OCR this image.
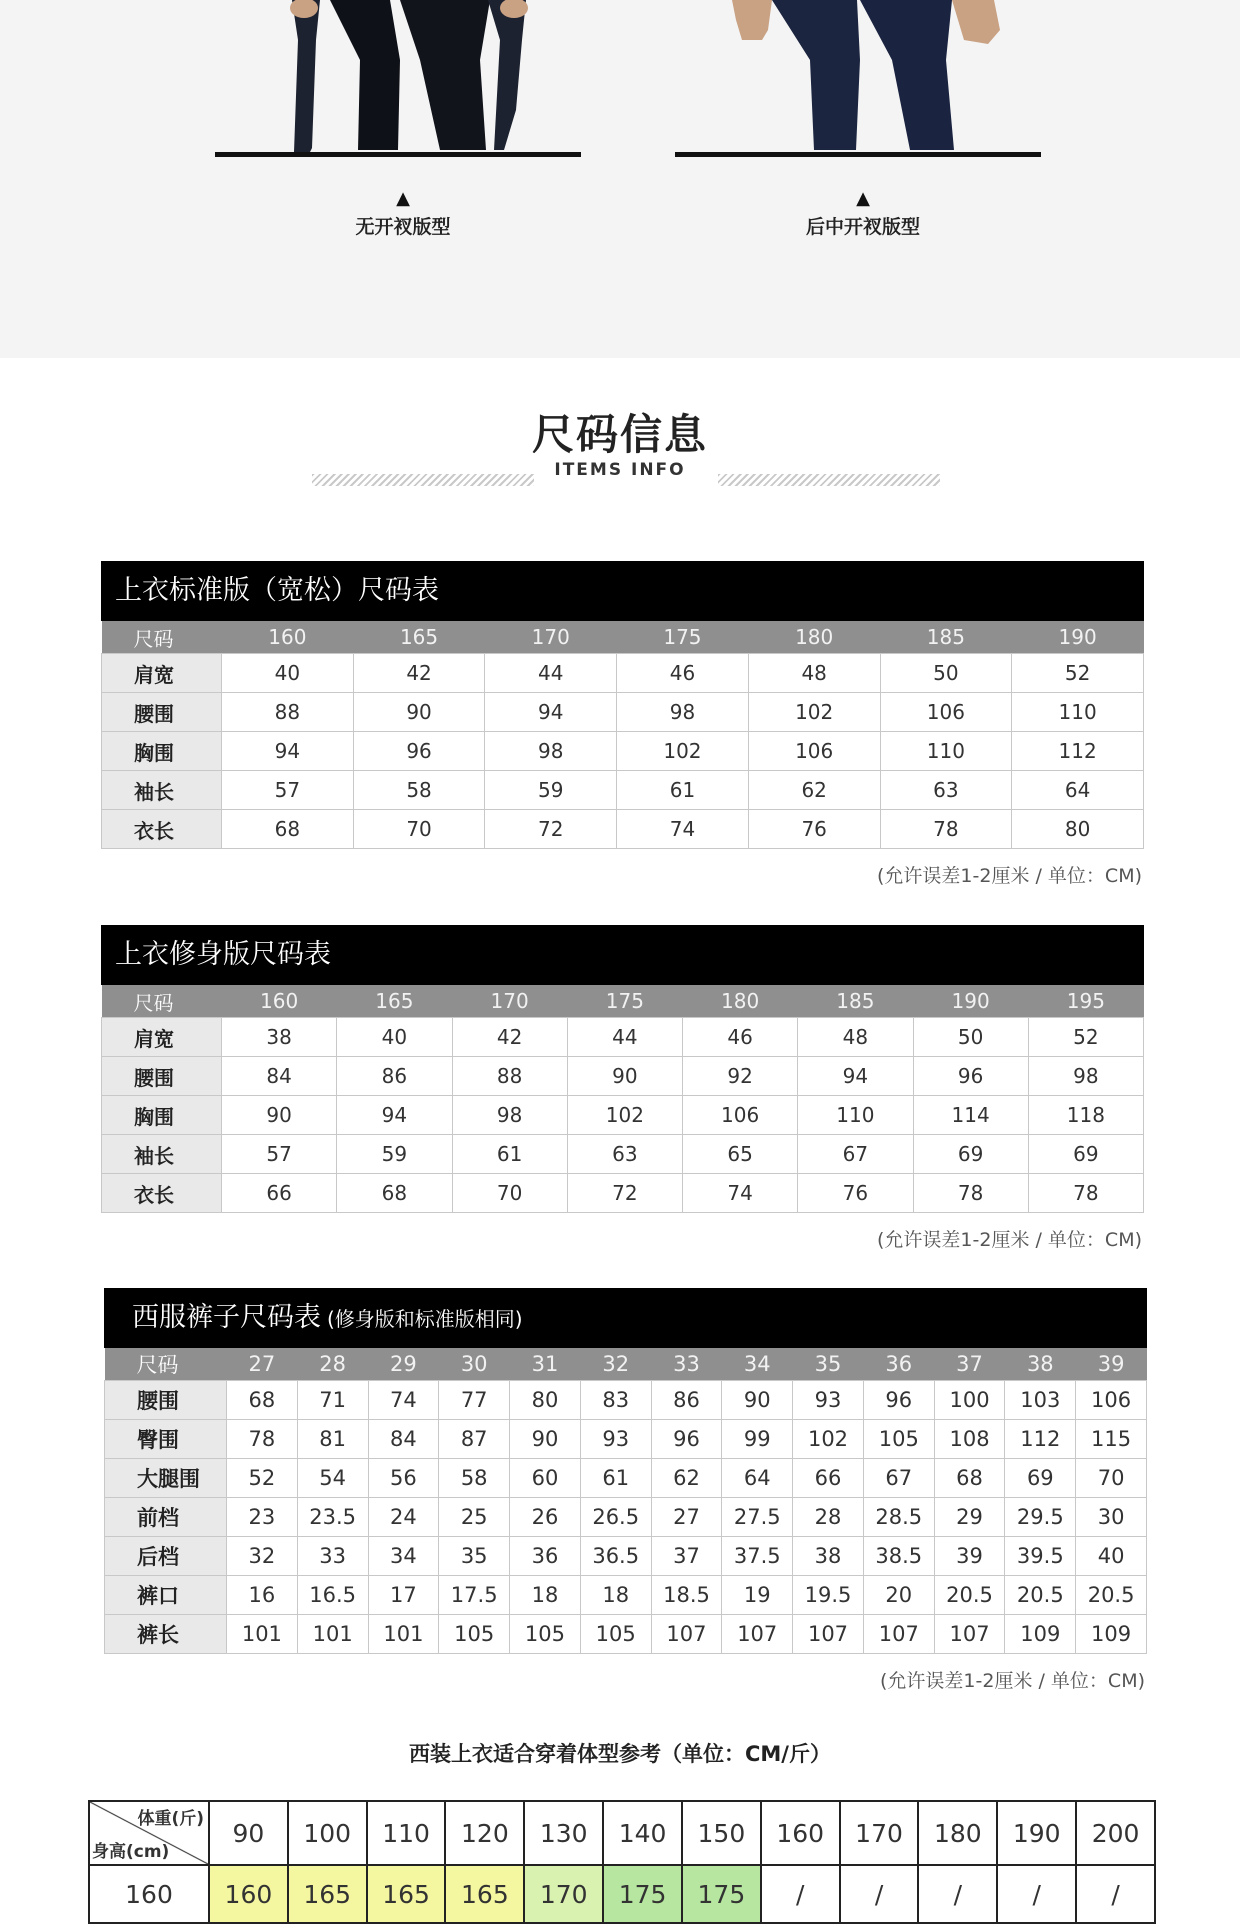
▲
无开衩版型
▲
后中开衩版型
尺码信息
ITEMS INFO
上衣标准版（宽松）尺码表
尺码	160	165	170	175	180	185	190
肩宽	40	42	44	46	48	50	52
腰围	88	90	94	98	102	106	110
胸围	94	96	98	102	106	110	112
袖长	57	58	59	61	62	63	64
衣长	68	70	72	74	76	78	80
(允许误差1-2厘米 / 单位：CM)
上衣修身版尺码表
尺码	160	165	170	175	180	185	190	195
肩宽	38	40	42	44	46	48	50	52
腰围	84	86	88	90	92	94	96	98
胸围	90	94	98	102	106	110	114	118
袖长	57	59	61	63	65	67	69	69
衣长	66	68	70	72	74	76	78	78
(允许误差1-2厘米 / 单位：CM)
西服裤子尺码表 (修身版和标准版相同)
尺码	27	28	29	30	31	32	33	34	35	36	37	38	39
腰围	68	71	74	77	80	83	86	90	93	96	100	103	106
臀围	78	81	84	87	90	93	96	99	102	105	108	112	115
大腿围	52	54	56	58	60	61	62	64	66	67	68	69	70
前档	23	23.5	24	25	26	26.5	27	27.5	28	28.5	29	29.5	30
后档	32	33	34	35	36	36.5	37	37.5	38	38.5	39	39.5	40
裤口	16	16.5	17	17.5	18	18	18.5	19	19.5	20	20.5	20.5	20.5
裤长	101	101	101	105	105	105	107	107	107	107	107	109	109
(允许误差1-2厘米 / 单位：CM)
西装上衣适合穿着体型参考（单位：CM/斤）
体重(斤)
身高(cm)	90	100	110	120	130	140	150	160	170	180	190	200
160	160	165	165	165	170	175	175	/	/	/	/	/
